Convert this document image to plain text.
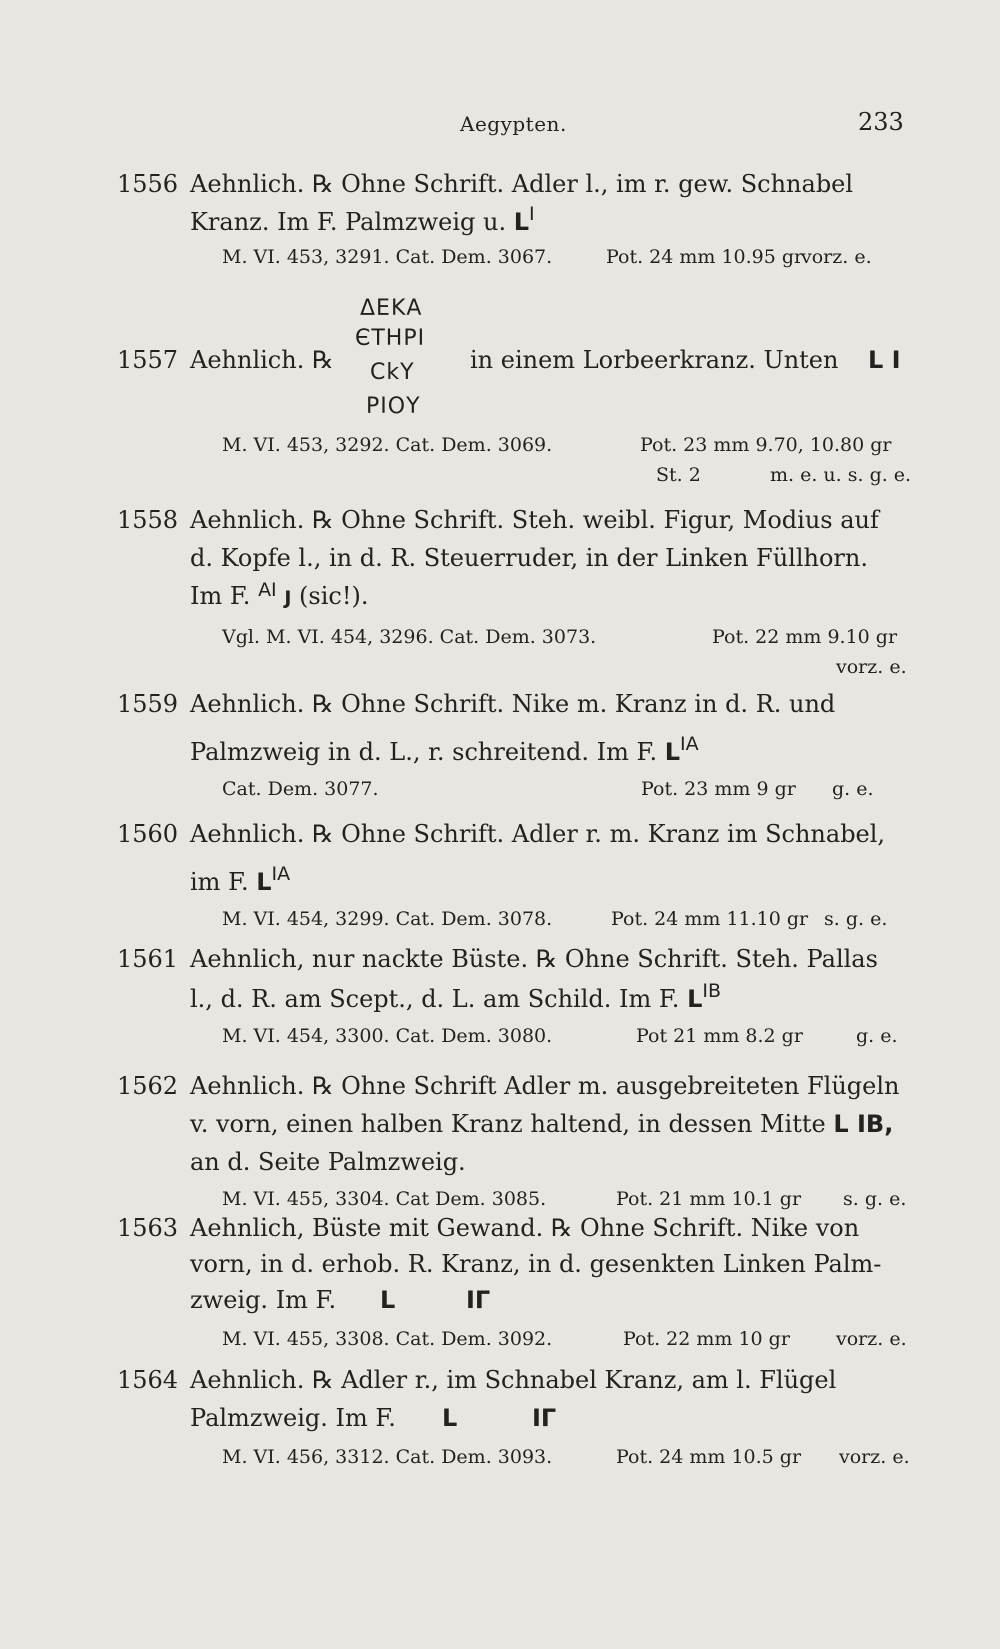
Aegypten.	233
1556 Aehnlich. ℞ Ohne Schrift. Adler l., im r. gew. Schnabel
Kranz. Im F. Palmzweig u. $L^I$
M. VI. 453, 3291. Cat. Dem. 3067.	Pot. 24 mm 10.95 gr
vorz. e.
ΔΕΚΑ
ЄΤΗΡΙ
1557 Aehnlich. ℞	in einem Lorbeerkranz. Unten L I
CkY
ΡΙΟΥ
M. VI. 453, 3292. Cat. Dem. 3069.	Pot. 23 mm 9.70, 10.80 gr
St. 2	m. e. u. s. g. e.
1558 Aehnlich. ℞ Ohne Schrift. Steh. weibl. Figur, Modius auf
d. Kopfe l., in d. R. Steuerruder, in der Linken Füllhorn.
Im F. $^{AI}$ J (sic!).
Vgl. M. VI. 454, 3296. Cat. Dem. 3073.	Pot. 22 mm 9.10 gr
vorz. e.
1559 Aehnlich. ℞ Ohne Schrift. Nike m. Kranz in d. R. und
Palmzweig in d. L., r. schreitend. Im F. $L^{IA}$
Cat. Dem. 3077.	Pot. 23 mm 9 gr g. e.
1560 Aehnlich. ℞ Ohne Schrift. Adler r. m. Kranz im Schnabel,
im F. $L^{IA}$
M. VI. 454, 3299. Cat. Dem. 3078.	Pot. 24 mm 11.10 gr s. g. e.
1561 Aehnlich, nur nackte Büste. ℞ Ohne Schrift. Steh. Pallas
l., d. R. am Scept., d. L. am Schild. Im F. $L^{IB}$
M. VI. 454, 3300. Cat. Dem. 3080.	Pot 21 mm 8.2 gr	g. e.
1562 Aehnlich. ℞ Ohne Schrift Adler m. ausgebreiteten Flügeln
v. vorn, einen halben Kranz haltend, in dessen Mitte L IB,
an d. Seite Palmzweig.
M. VI. 455, 3304. Cat Dem. 3085.	Pot. 21 mm 10.1 gr s. g. e.
1563 Aehnlich, Büste mit Gewand. ℞ Ohne Schrift. Nike von
vorn, in d. erhob. R. Kranz, in d. gesenkten Linken Palm-
zweig. Im F. L	IΓ
M. VI. 455, 3308. Cat. Dem. 3092.	Pot. 22 mm 10 gr vorz. e.
1564 Aehnlich. ℞ Adler r., im Schnabel Kranz, am l. Flügel
Palmzweig. Im F. L	IΓ
M. VI. 456, 3312. Cat. Dem. 3093.	Pot. 24 mm 10.5 gr vorz. e.
